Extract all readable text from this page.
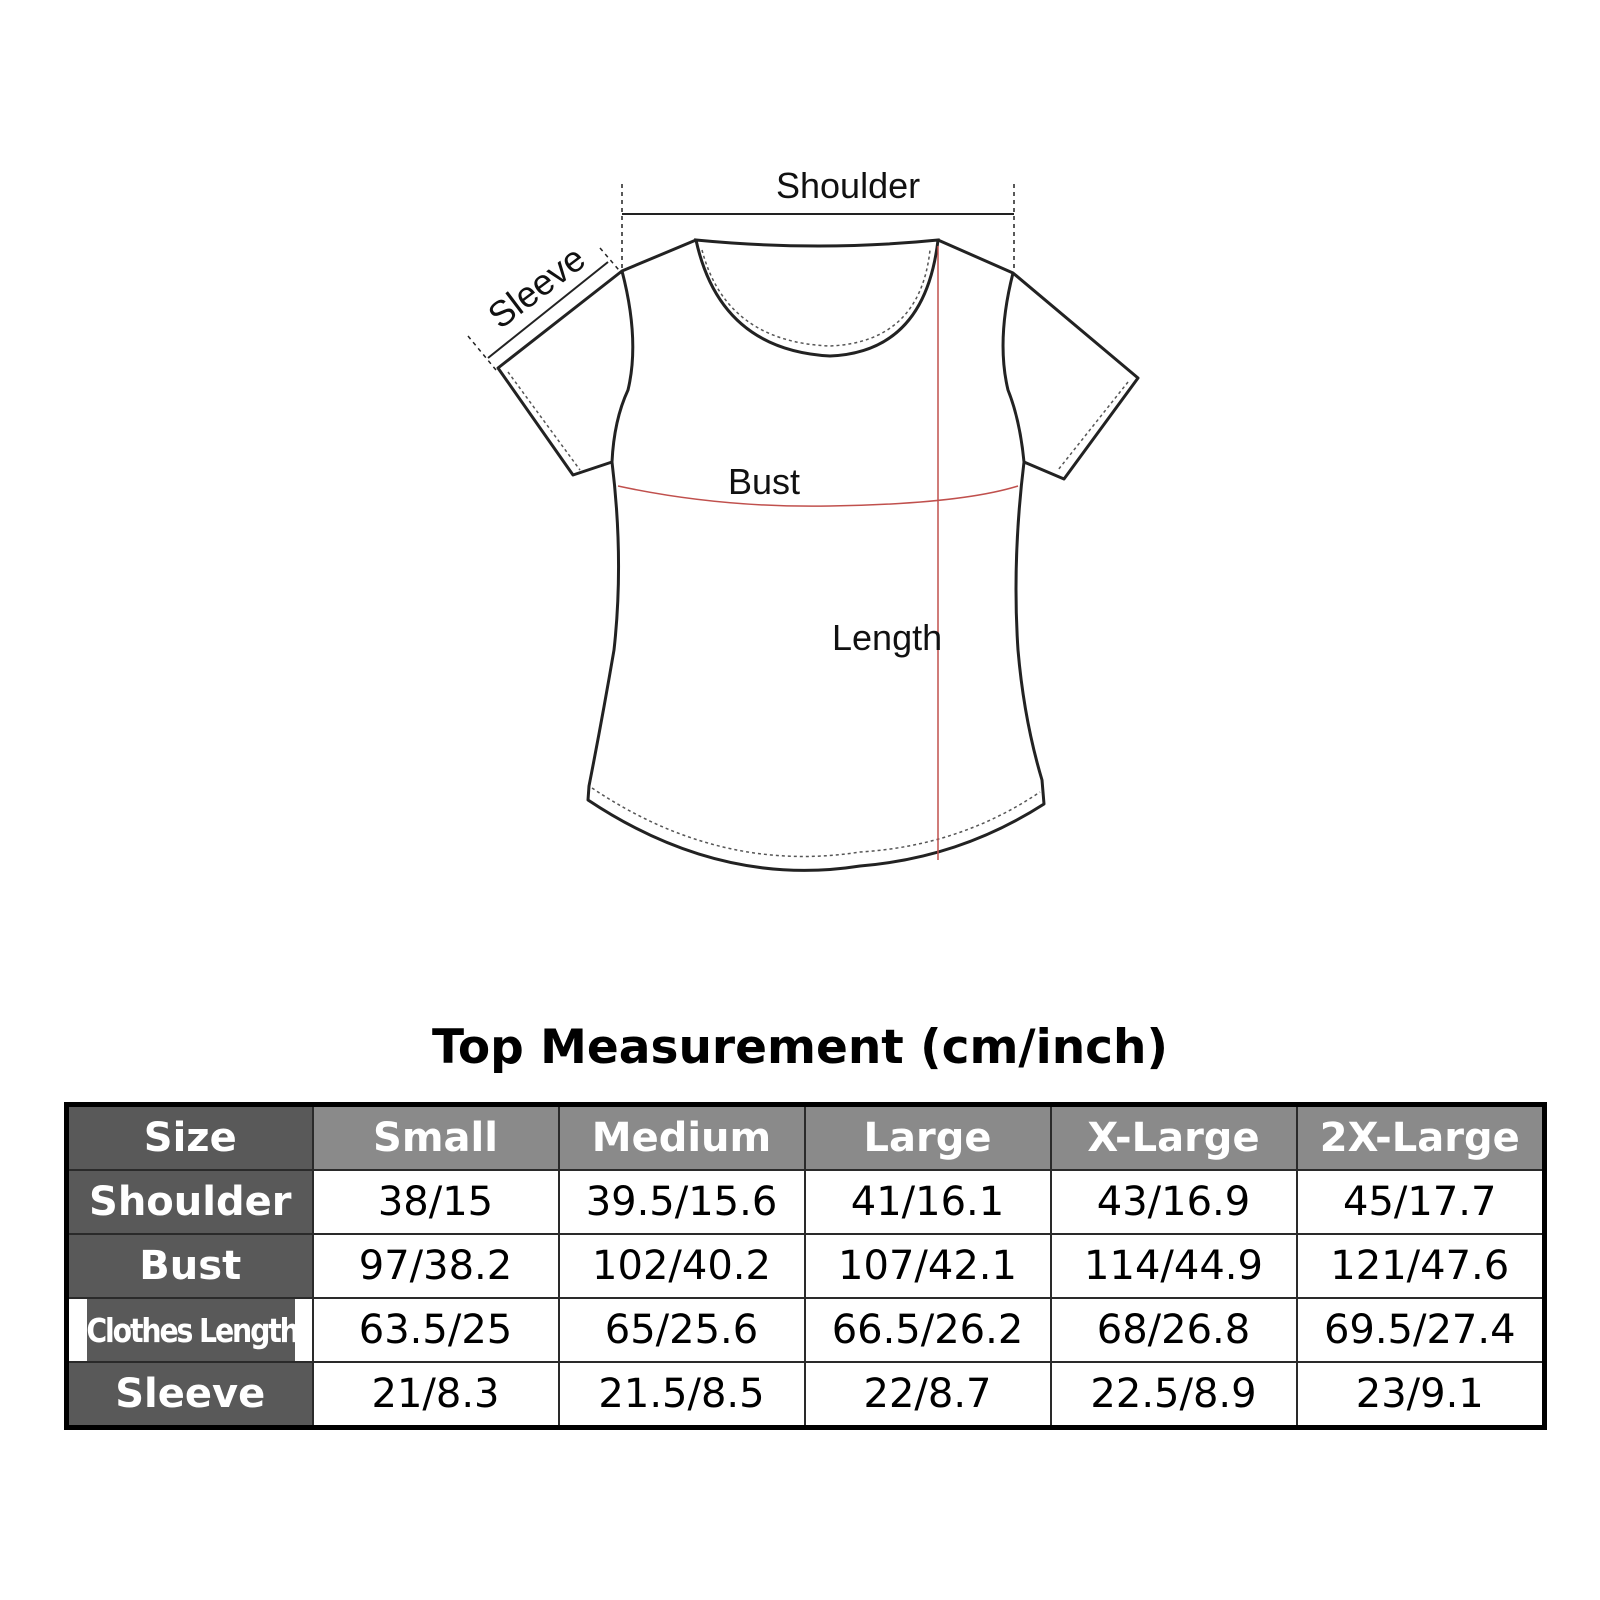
Shoulder
Sleeve
Bust
Length
Top Measurement (cm/inch)
Size	Small	Medium	Large	X-Large	2X-Large
Shoulder	38/15	39.5/15.6	41/16.1	43/16.9	45/17.7
Bust	97/38.2	102/40.2	107/42.1	114/44.9	121/47.6
Clothes Length	63.5/25	65/25.6	66.5/26.2	68/26.8	69.5/27.4
Sleeve	21/8.3	21.5/8.5	22/8.7	22.5/8.9	23/9.1
